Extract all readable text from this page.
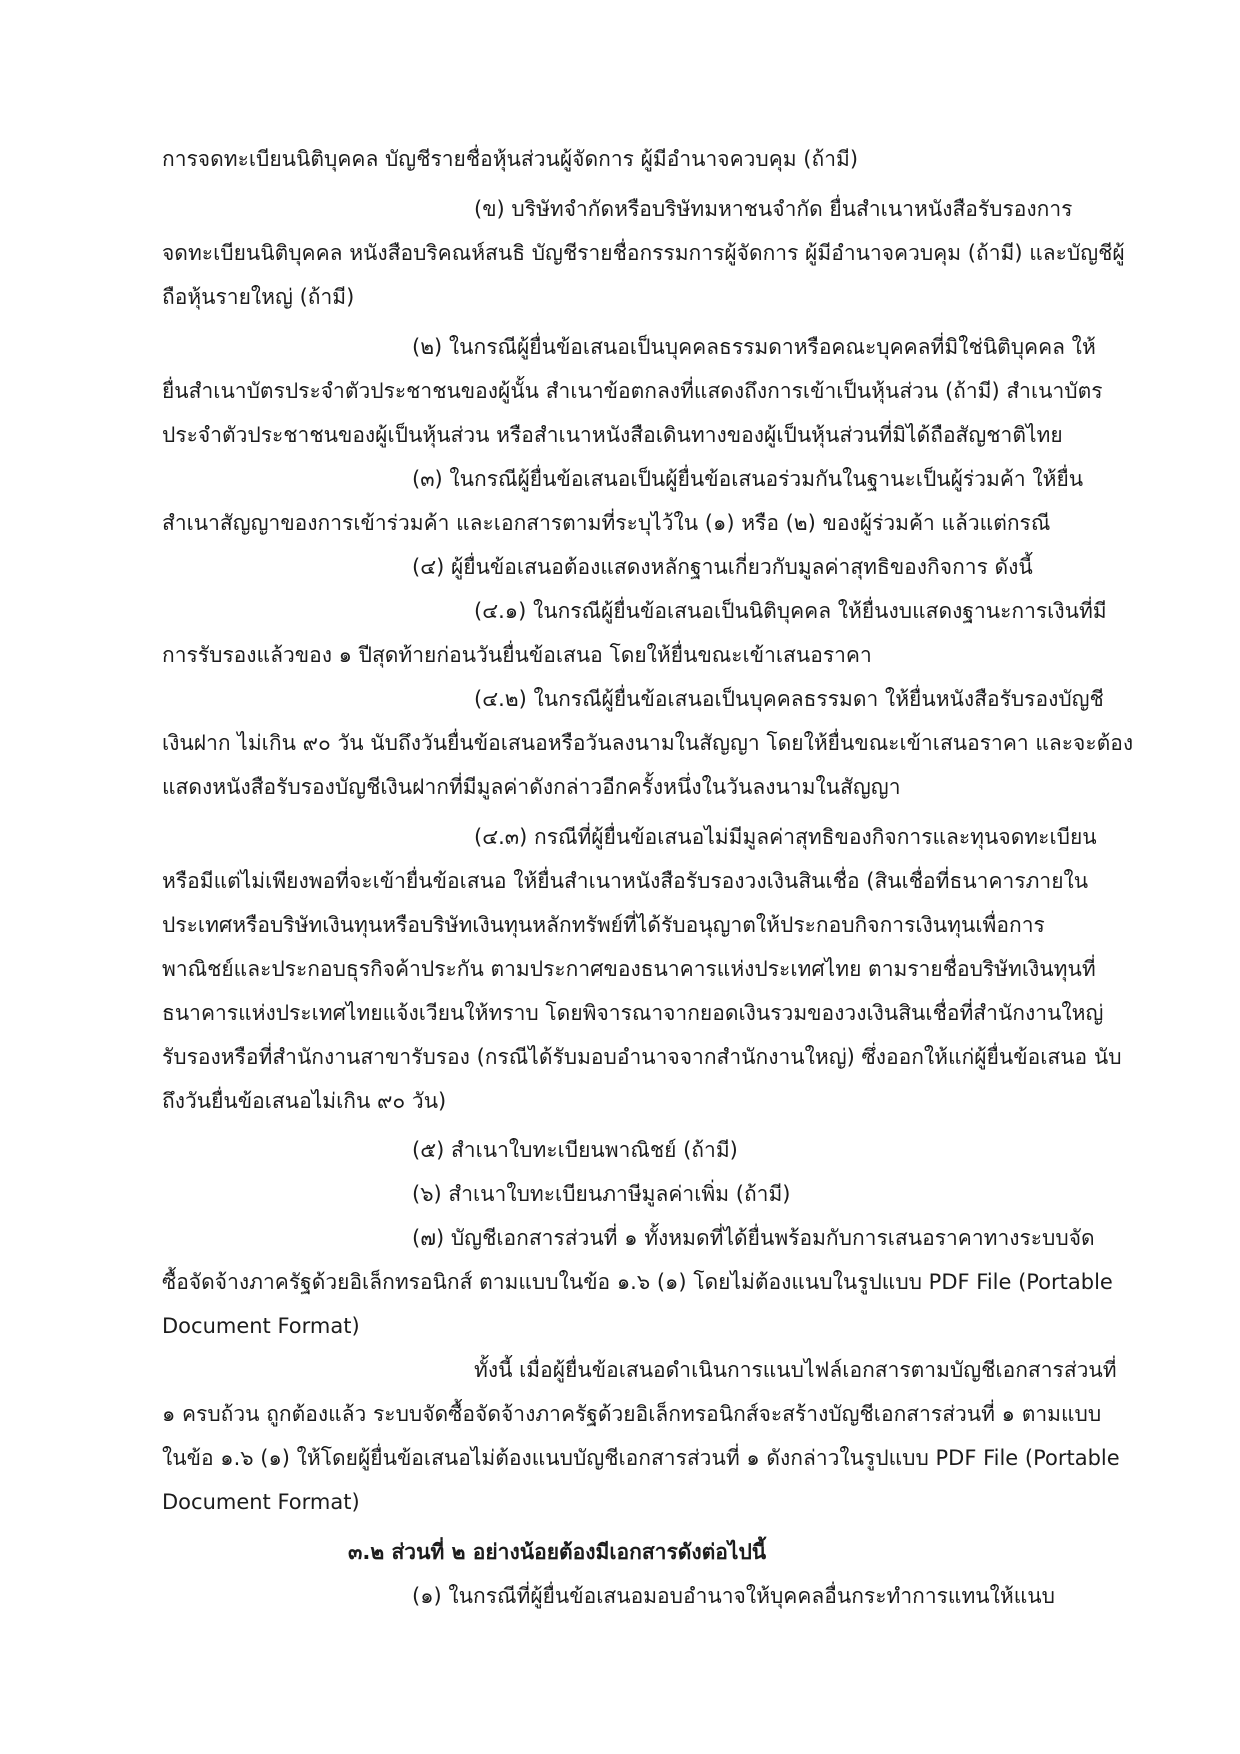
การจดทะเบียนนิติบุคคล บัญชีรายชื่อหุ้นส่วนผู้จัดการ ผู้มีอำนาจควบคุม (ถ้ามี)
(ข) บริษัทจำกัดหรือบริษัทมหาชนจำกัด ยื่นสำเนาหนังสือรับรองการ
จดทะเบียนนิติบุคคล หนังสือบริคณห์สนธิ บัญชีรายชื่อกรรมการผู้จัดการ ผู้มีอำนาจควบคุม (ถ้ามี) และบัญชีผู้
ถือหุ้นรายใหญ่ (ถ้ามี)
(๒) ในกรณีผู้ยื่นข้อเสนอเป็นบุคคลธรรมดาหรือคณะบุคคลที่มิใช่นิติบุคคล ให้
ยื่นสำเนาบัตรประจำตัวประชาชนของผู้นั้น สำเนาข้อตกลงที่แสดงถึงการเข้าเป็นหุ้นส่วน (ถ้ามี) สำเนาบัตร
ประจำตัวประชาชนของผู้เป็นหุ้นส่วน หรือสำเนาหนังสือเดินทางของผู้เป็นหุ้นส่วนที่มิได้ถือสัญชาติไทย
(๓) ในกรณีผู้ยื่นข้อเสนอเป็นผู้ยื่นข้อเสนอร่วมกันในฐานะเป็นผู้ร่วมค้า ให้ยื่น
สำเนาสัญญาของการเข้าร่วมค้า และเอกสารตามที่ระบุไว้ใน (๑) หรือ (๒) ของผู้ร่วมค้า แล้วแต่กรณี
(๔) ผู้ยื่นข้อเสนอต้องแสดงหลักฐานเกี่ยวกับมูลค่าสุทธิของกิจการ ดังนี้
(๔.๑) ในกรณีผู้ยื่นข้อเสนอเป็นนิติบุคคล ให้ยื่นงบแสดงฐานะการเงินที่มี
การรับรองแล้วของ ๑ ปีสุดท้ายก่อนวันยื่นข้อเสนอ โดยให้ยื่นขณะเข้าเสนอราคา
(๔.๒) ในกรณีผู้ยื่นข้อเสนอเป็นบุคคลธรรมดา ให้ยื่นหนังสือรับรองบัญชี
เงินฝาก ไม่เกิน ๙๐ วัน นับถึงวันยื่นข้อเสนอหรือวันลงนามในสัญญา โดยให้ยื่นขณะเข้าเสนอราคา และจะต้อง
แสดงหนังสือรับรองบัญชีเงินฝากที่มีมูลค่าดังกล่าวอีกครั้งหนึ่งในวันลงนามในสัญญา
(๔.๓) กรณีที่ผู้ยื่นข้อเสนอไม่มีมูลค่าสุทธิของกิจการและทุนจดทะเบียน
หรือมีแต่ไม่เพียงพอที่จะเข้ายื่นข้อเสนอ ให้ยื่นสำเนาหนังสือรับรองวงเงินสินเชื่อ (สินเชื่อที่ธนาคารภายใน
ประเทศหรือบริษัทเงินทุนหรือบริษัทเงินทุนหลักทรัพย์ที่ได้รับอนุญาตให้ประกอบกิจการเงินทุนเพื่อการ
พาณิชย์และประกอบธุรกิจค้าประกัน ตามประกาศของธนาคารแห่งประเทศไทย ตามรายชื่อบริษัทเงินทุนที่
ธนาคารแห่งประเทศไทยแจ้งเวียนให้ทราบ โดยพิจารณาจากยอดเงินรวมของวงเงินสินเชื่อที่สำนักงานใหญ่
รับรองหรือที่สำนักงานสาขารับรอง (กรณีได้รับมอบอำนาจจากสำนักงานใหญ่) ซึ่งออกให้แก่ผู้ยื่นข้อเสนอ นับ
ถึงวันยื่นข้อเสนอไม่เกิน ๙๐ วัน)
(๕) สำเนาใบทะเบียนพาณิชย์ (ถ้ามี)
(๖) สำเนาใบทะเบียนภาษีมูลค่าเพิ่ม (ถ้ามี)
(๗) บัญชีเอกสารส่วนที่ ๑ ทั้งหมดที่ได้ยื่นพร้อมกับการเสนอราคาทางระบบจัด
ซื้อจัดจ้างภาครัฐด้วยอิเล็กทรอนิกส์ ตามแบบในข้อ ๑.๖ (๑) โดยไม่ต้องแนบในรูปแบบ PDF File (Portable
Document Format)
ทั้งนี้ เมื่อผู้ยื่นข้อเสนอดำเนินการแนบไฟล์เอกสารตามบัญชีเอกสารส่วนที่
๑ ครบถ้วน ถูกต้องแล้ว ระบบจัดซื้อจัดจ้างภาครัฐด้วยอิเล็กทรอนิกส์จะสร้างบัญชีเอกสารส่วนที่ ๑ ตามแบบ
ในข้อ ๑.๖ (๑) ให้โดยผู้ยื่นข้อเสนอไม่ต้องแนบบัญชีเอกสารส่วนที่ ๑ ดังกล่าวในรูปแบบ PDF File (Portable
Document Format)
๓.๒ ส่วนที่ ๒ อย่างน้อยต้องมีเอกสารดังต่อไปนี้
(๑) ในกรณีที่ผู้ยื่นข้อเสนอมอบอำนาจให้บุคคลอื่นกระทำการแทนให้แนบ
